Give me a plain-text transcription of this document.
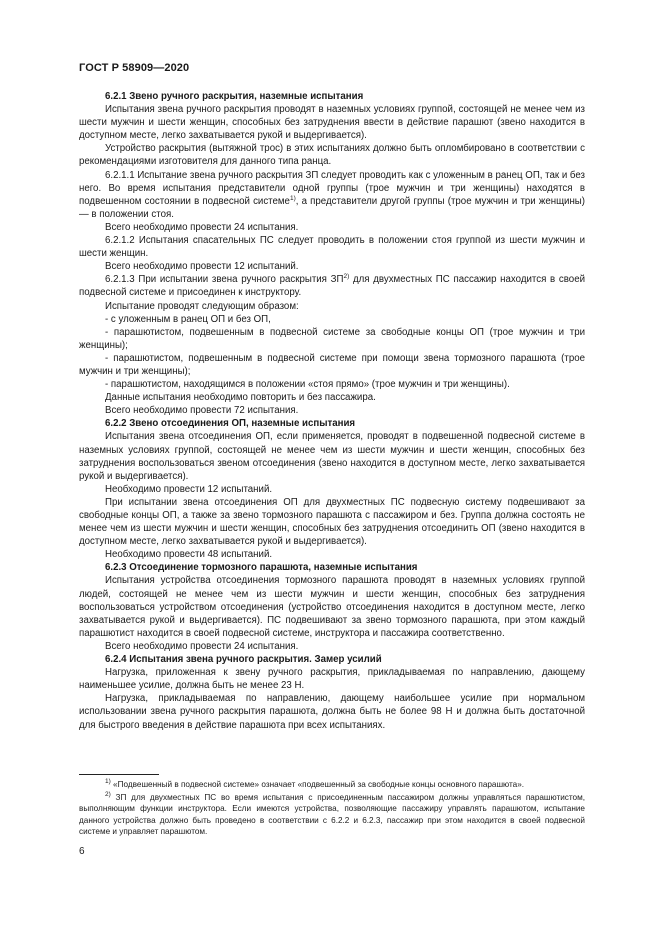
ГОСТ Р 58909—2020

6.2.1 Звено ручного раскрытия, наземные испытания

Испытания звена ручного раскрытия проводят в наземных условиях группой, состоящей не менее чем из шести мужчин и шести женщин, способных без затруднения ввести в действие парашют (звено находится в доступном месте, легко захватывается рукой и выдергивается).

Устройство раскрытия (вытяжной трос) в этих испытаниях должно быть опломбировано в соответствии с рекомендациями изготовителя для данного типа ранца.

6.2.1.1 Испытание звена ручного раскрытия ЗП следует проводить как с уложенным в ранец ОП, так и без него. Во время испытания представители одной группы (трое мужчин и три женщины) находятся в подвешенном состоянии в подвесной системе$^{1)}$, а представители другой группы (трое мужчин и три женщины) — в положении стоя.

Всего необходимо провести 24 испытания.

6.2.1.2 Испытания спасательных ПС следует проводить в положении стоя группой из шести мужчин и шести женщин.

Всего необходимо провести 12 испытаний.

6.2.1.3 При испытании звена ручного раскрытия ЗП$^{2)}$ для двухместных ПС пассажир находится в своей подвесной системе и присоединен к инструктору.

Испытание проводят следующим образом:

- с уложенным в ранец ОП и без ОП,

- парашютистом, подвешенным в подвесной системе за свободные концы ОП (трое мужчин и три женщины);

- парашютистом, подвешенным в подвесной системе при помощи звена тормозного парашюта (трое мужчин и три женщины);

- парашютистом, находящимся в положении «стоя прямо» (трое мужчин и три женщины).

Данные испытания необходимо повторить и без пассажира.

Всего необходимо провести 72 испытания.

6.2.2 Звено отсоединения ОП, наземные испытания

Испытания звена отсоединения ОП, если применяется, проводят в подвешенной подвесной системе в наземных условиях группой, состоящей не менее чем из шести мужчин и шести женщин, способных без затруднения воспользоваться звеном отсоединения (звено находится в доступном месте, легко захватывается рукой и выдергивается).

Необходимо провести 12 испытаний.

При испытании звена отсоединения ОП для двухместных ПС подвесную систему подвешивают за свободные концы ОП, а также за звено тормозного парашюта с пассажиром и без. Группа должна состоять не менее чем из шести мужчин и шести женщин, способных без затруднения отсоединить ОП (звено находится в доступном месте, легко захватывается рукой и выдергивается).

Необходимо провести 48 испытаний.

6.2.3 Отсоединение тормозного парашюта, наземные испытания

Испытания устройства отсоединения тормозного парашюта проводят в наземных условиях группой людей, состоящей не менее чем из шести мужчин и шести женщин, способных без затруднения воспользоваться устройством отсоединения (устройство отсоединения находится в доступном месте, легко захватывается рукой и выдергивается). ПС подвешивают за звено тормозного парашюта, при этом каждый парашютист находится в своей подвесной системе, инструктора и пассажира соответственно.

Всего необходимо провести 24 испытания.

6.2.4 Испытания звена ручного раскрытия. Замер усилий

Нагрузка, приложенная к звену ручного раскрытия, прикладываемая по направлению, дающему наименьшее усилие, должна быть не менее 23 Н.

Нагрузка, прикладываемая по направлению, дающему наибольшее усилие при нормальном использовании звена ручного раскрытия парашюта, должна быть не более 98 Н и должна быть достаточной для быстрого введения в действие парашюта при всех испытаниях.

$^{1)}$ «Подвешенный в подвесной системе» означает «подвешенный за свободные концы основного парашюта».

$^{2)}$ ЗП для двухместных ПС во время испытания с присоединенным пассажиром должны управляться парашютистом, выполняющим функции инструктора. Если имеются устройства, позволяющие пассажиру управлять парашютом, испытание данного устройства должно быть проведено в соответствии с 6.2.2 и 6.2.3, пассажир при этом находится в своей подвесной системе и управляет парашютом.

6
